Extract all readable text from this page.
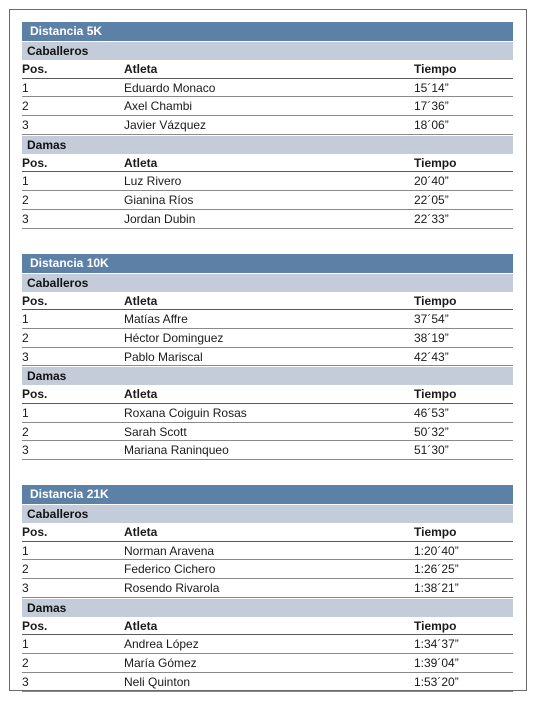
Distancia 5K
Caballeros
Pos.	Atleta	Tiempo
1	Eduardo Monaco	15´14”
2	Axel Chambi	17´36”
3	Javier Vázquez	18´06”
Damas
Pos.	Atleta	Tiempo
1	Luz Rivero	20´40”
2	Gianina Ríos	22´05”
3	Jordan Dubin	22´33”
Distancia 10K
Caballeros
Pos.	Atleta	Tiempo
1	Matías Affre	37´54”
2	Héctor Dominguez	38´19”
3	Pablo Mariscal	42´43”
Damas
Pos.	Atleta	Tiempo
1	Roxana Coiguin Rosas	46´53”
2	Sarah Scott	50´32”
3	Mariana Raninqueo	51´30”
Distancia 21K
Caballeros
Pos.	Atleta	Tiempo
1	Norman Aravena	1:20´40”
2	Federico Cichero	1:26´25”
3	Rosendo Rivarola	1:38´21”
Damas
Pos.	Atleta	Tiempo
1	Andrea López	1:34´37”
2	María Gómez	1:39´04”
3	Neli Quinton	1:53´20”
